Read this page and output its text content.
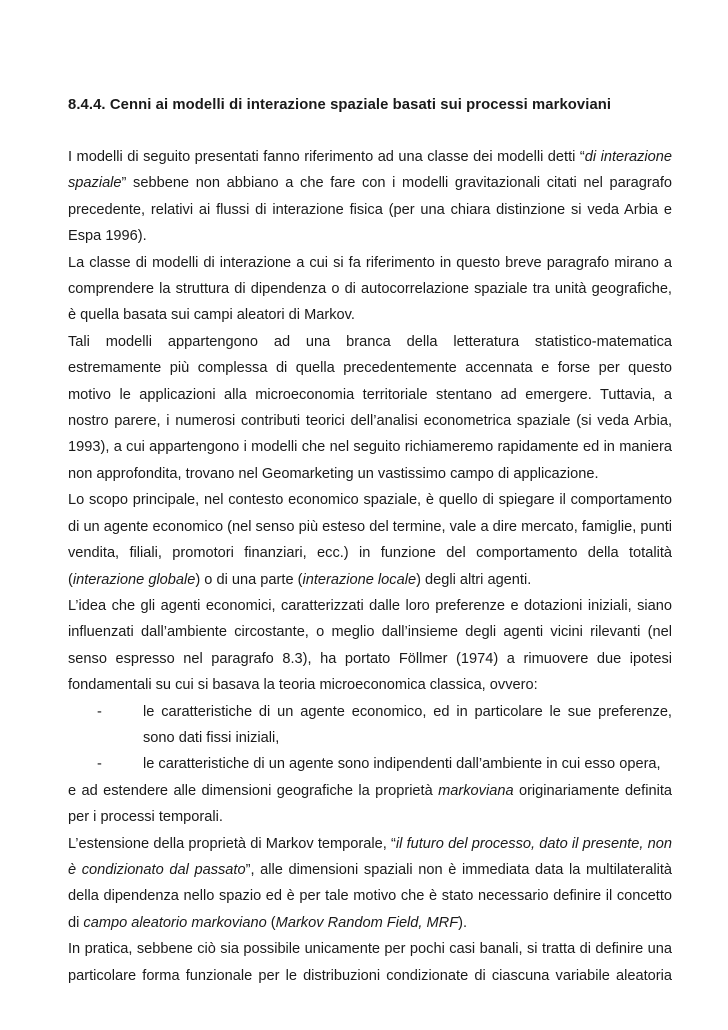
8.4.4. Cenni ai modelli di interazione spaziale basati sui processi markoviani

I modelli di seguito presentati fanno riferimento ad una classe dei modelli detti “di interazione spaziale” sebbene non abbiano a che fare con i modelli gravitazionali citati nel paragrafo precedente, relativi ai flussi di interazione fisica (per una chiara distinzione si veda Arbia e Espa 1996).

La classe di modelli di interazione a cui si fa riferimento in questo breve paragrafo mirano a comprendere la struttura di dipendenza o di autocorrelazione spaziale tra unità geografiche, è quella basata sui campi aleatori di Markov.

Tali modelli appartengono ad una branca della letteratura statistico-matematica estremamente più complessa di quella precedentemente accennata e forse per questo motivo le applicazioni alla microeconomia territoriale stentano ad emergere. Tuttavia, a nostro parere, i numerosi contributi teorici dell’analisi econometrica spaziale (si veda Arbia, 1993), a cui appartengono i modelli che nel seguito richiameremo rapidamente ed in maniera non approfondita, trovano nel Geomarketing un vastissimo campo di applicazione.

Lo scopo principale, nel contesto economico spaziale, è quello di spiegare il comportamento di un agente economico (nel senso più esteso del termine, vale a dire mercato, famiglie, punti vendita, filiali, promotori finanziari, ecc.) in funzione del comportamento della totalità (interazione globale) o di una parte (interazione locale) degli altri agenti.

L’idea che gli agenti economici, caratterizzati dalle loro preferenze e dotazioni iniziali, siano influenzati dall’ambiente circostante, o meglio dall’insieme degli agenti vicini rilevanti (nel senso espresso nel paragrafo 8.3), ha portato Föllmer (1974) a rimuovere due ipotesi fondamentali su cui si basava la teoria microeconomica classica, ovvero:

-	le caratteristiche di un agente economico, ed in particolare le sue preferenze, sono dati fissi iniziali,
-	le caratteristiche di un agente sono indipendenti dall’ambiente in cui esso opera,

e ad estendere alle dimensioni geografiche la proprietà markoviana originariamente definita per i processi temporali.

L’estensione della proprietà di Markov temporale, “il futuro del processo, dato il presente, non è condizionato dal passato”, alle dimensioni spaziali non è immediata data la multilateralità della dipendenza nello spazio ed è per tale motivo che è stato necessario definire il concetto di campo aleatorio markoviano (Markov Random Field, MRF).

In pratica, sebbene ciò sia possibile unicamente per pochi casi banali, si tratta di definire una particolare forma funzionale per le distribuzioni condizionate di ciascuna variabile aleatoria
